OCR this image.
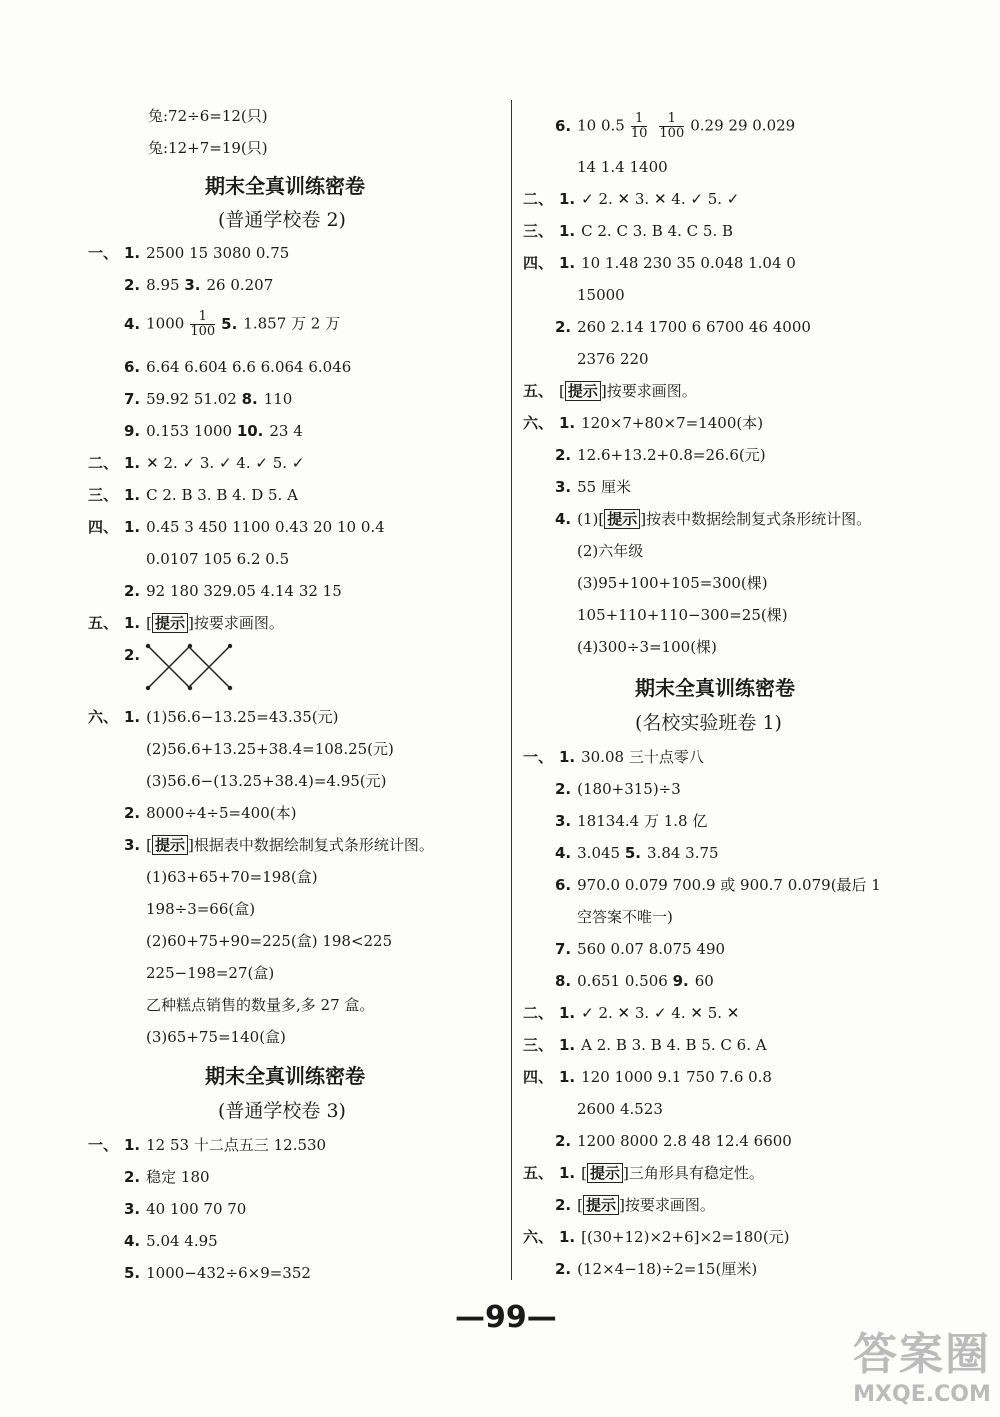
兔:72÷6=12(只)
兔:12+7=19(只)
期末全真训练密卷
(普通学校卷 2)
一、 1. 2500 15 3080 0.75
2. 8.95 3. 26 0.207
4. $1000 \frac{1}{100} 5$. 1.857 万 2 万
6. 6.64 6.604 6.6 6.064 6.046
7. 59.92 51.02 8. 110
9. 0.153 1000 10. 23 4
二、 1. ✕ 2. ✓ 3. ✓ 4. ✓ 5. ✓
三、 1. C 2. B 3. B 4. D 5. A
四、 1. 0.45 3 450 1100 0.43 20 10 0.4
0.0107 105 6.2 0.5
2. 92 180 329.05 4.14 32 15
五、 1. [ 提示 ]按要求画图。
2.
六、 1. (1)56.6−13.25=43.35(元)
(2)56.6+13.25+38.4=108.25(元)
(3)56.6−(13.25+38.4)=4.95(元)
2. 8000÷4÷5=400(本)
3. [ 提示 ]根据表中数据绘制复式条形统计图。
(1)63+65+70=198(盒)
198÷3=66(盒)
(2)60+75+90=225(盒) 198<225
225−198=27(盒)
乙种糕点销售的数量多,多 27 盒。
(3)65+75=140(盒)
期末全真训练密卷
(普通学校卷 3)
一、 1. 12 53 十二点五三 12.530
2. 稳定 180
3. 40 100 70 70
4. 5.04 4.95
5. 1000−432÷6×9=352
6. 10 $0.5 \frac{1}{10} \frac{1}{100} 0.29$ 29 0.029
14 1.4 1400
二、 1. ✓ 2. ✕ 3. ✕ 4. ✓ 5. ✓
三、 1. C 2. C 3. B 4. C 5. B
四、 1. 10 1.48 230 35 0.048 1.04 0
15000
2. 260 2.14 1700 6 6700 46 4000
2376 220
五、 [ 提示 ]按要求画图。
六、 1. 120×7+80×7=1400(本)
2. 12.6+13.2+0.8=26.6(元)
3. 55 厘米
4. (1)[ 提示 ]按表中数据绘制复式条形统计图。
(2)六年级
(3)95+100+105=300(棵)
105+110+110−300=25(棵)
(4)300÷3=100(棵)
期末全真训练密卷
(名校实验班卷 1)
一、 1. 30.08 三十点零八
2. (180+315)÷3
3. 18134.4 万 1.8 亿
4. 3.045 5. 3.84 3.75
6. 970.0 0.079 700.9 或 900.7 0.079(最后 1
空答案不唯一)
7. 560 0.07 8.075 490
8. 0.651 0.506 9. 60
二、 1. ✓ 2. ✕ 3. ✓ 4. ✕ 5. ✕
三、 1. A 2. B 3. B 4. B 5. C 6. A
四、 1. 120 1000 9.1 750 7.6 0.8
2600 4.523
2. 1200 8000 2.8 48 12.4 6600
五、 1. [ 提示 ]三角形具有稳定性。
2. [ 提示 ]按要求画图。
六、 1. [(30+12)×2+6]×2=180(元)
2. (12×4−18)÷2=15(厘米)
—99—
答案圈
MXQE.COM
